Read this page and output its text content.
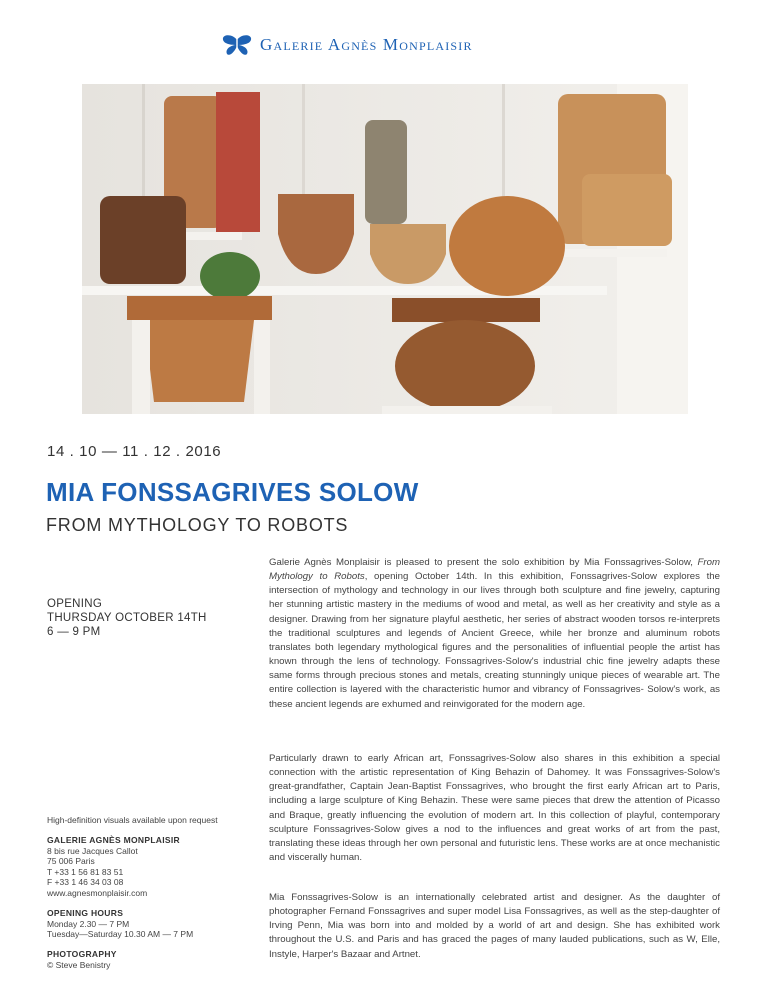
Galerie Agnès Monplaisir
14 . 10 — 11 . 12 . 2016
MIA FONSSAGRIVES SOLOW
FROM MYTHOLOGY TO ROBOTS
OPENING
THURSDAY OCTOBER 14TH
6 — 9 PM
High-definition visuals available upon request
GALERIE AGNÈS MONPLAISIR
8 bis rue Jacques Callot
75 006 Paris
T +33 1 56 81 83 51
F +33 1 46 34 03 08
www.agnesmonplaisir.com
OPENING HOURS
Monday 2.30 — 7 PM
Tuesday—Saturday 10.30 AM — 7 PM
PHOTOGRAPHY
© Steve Benistry

Galerie Agnès Monplaisir is pleased to present the solo exhibition by Mia Fonssagrives-Solow, From Mythology to Robots, opening October 14th. In this exhibition, Fonssagrives-Solow explores the intersection of mythology and technology in our lives through both sculpture and fine jewelry, capturing her stunning artistic mastery in the mediums of wood and metal, as well as her creativity and style as a designer. Drawing from her signature playful aesthetic, her series of abstract wooden torsos re-interprets the traditional sculptures and legends of Ancient Greece, while her bronze and aluminum robots translates both legendary mythological figures and the personalities of influential people the artist has known through the lens of technology. Fonssagrives-Solow's industrial chic fine jewelry adapts these same forms through precious stones and metals, creating stunningly unique pieces of wearable art. The entire collection is layered with the characteristic humor and vibrancy of Fonssagrives- Solow's work, as these ancient legends are exhumed and reinvigorated for the modern age.

Particularly drawn to early African art, Fonssagrives-Solow also shares in this exhibition a special connection with the artistic representation of King Behazin of Dahomey. It was Fonssagrives-Solow's great-grandfather, Captain Jean-Baptist Fonssagrives, who brought the first early African art to Paris, including a large sculpture of King Behazin. These were same pieces that drew the attention of Picasso and Braque, greatly influencing the evolution of modern art. In this collection of playful, contemporary sculpture Fonssagrives-Solow gives a nod to the influences and great works of art from the past, translating these ideas through her own personal and futuristic lens. These works are at once mechanistic and viscerally human.

Mia Fonssagrives-Solow is an internationally celebrated artist and designer. As the daughter of photographer Fernand Fonssagrives and super model Lisa Fonssagrives, as well as the step-daughter of Irving Penn, Mia was born into and molded by a world of art and design. She has exhibited work throughout the U.S. and Paris and has graced the pages of many lauded publications, such as W, Elle, Instyle, Harper's Bazaar and Artnet.
